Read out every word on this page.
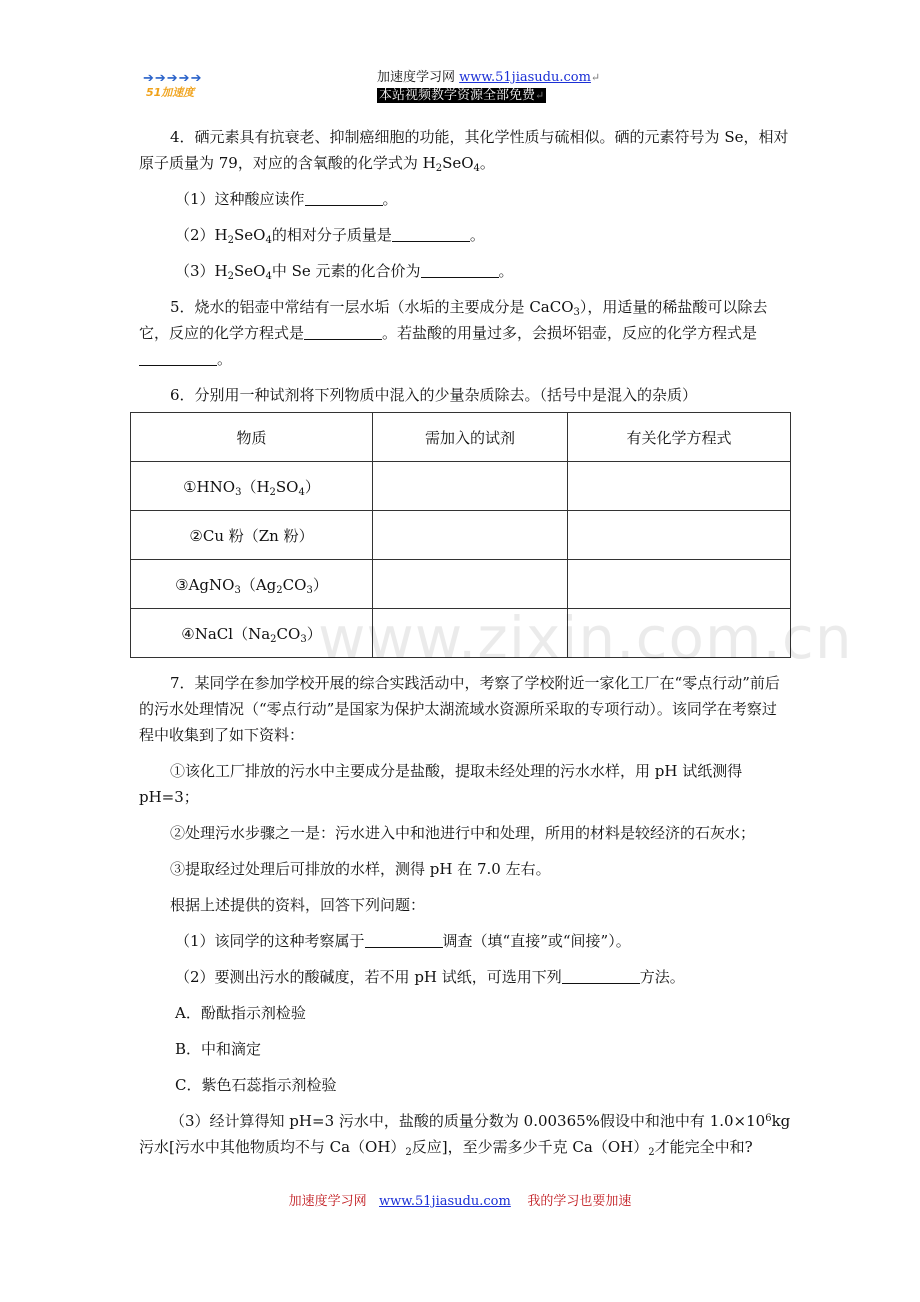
➔➔➔➔➔
51加速度
加速度学习网 www.51jiasudu.com↵
本站视频教学资源全部免费↵

4．硒元素具有抗衰老、抑制癌细胞的功能，其化学性质与硫相似。硒的元素符号为 Se，相对原子质量为 79，对应的含氧酸的化学式为 $H_2SeO_4$。

（1）这种酸应读作	。

$(2)H_2SeO_4$的相对分子质量是	。

$(3)H_2SeO_4$中 Se 元素的化合价为	。

5．烧水的铝壶中常结有一层水垢（水垢的主要成分是 CaCO$_3$），用适量的稀盐酸可以除去它，反应的化学方程式是	。若盐酸的用量过多，会损坏铝壶，反应的化学方程式是。

6．分别用一种试剂将下列物质中混入的少量杂质除去。（括号中是混入的杂质）

物质	需加入的试剂	有关化学方程式
$①HNO_3(H_2SO_4)$		
②Cu 粉（Zn 粉）		
$③AgNO_3(Ag_2CO_3)$		
$④NaCl(Na_2CO_3)$		
www.zixin.com.cn

7．某同学在参加学校开展的综合实践活动中，考察了学校附近一家化工厂在“零点行动”前后的污水处理情况（“零点行动”是国家为保护太湖流域水资源所采取的专项行动）。该同学在考察过程中收集到了如下资料：

①该化工厂排放的污水中主要成分是盐酸，提取未经处理的污水水样，用 pH 试纸测得 pH=3；

②处理污水步骤之一是：污水进入中和池进行中和处理，所用的材料是较经济的石灰水；

③提取经过处理后可排放的水样，测得 pH 在 7.0 左右。

根据上述提供的资料，回答下列问题：

（1）该同学的这种考察属于	调查（填“直接”或“间接”）。

（2）要测出污水的酸碱度，若不用 pH 试纸，可选用下列	方法。

A．酚酞指示剂检验

B．中和滴定

C．紫色石蕊指示剂检验

（3）经计算得知 pH=3 污水中，盐酸的质量分数为 0.00365%假设中和池中有 $1.0\times 10^6kg$ 污水[污水中其他物质均不与 $Ca(OH)_2$反应]，至少需多少千克 $Ca(OH)_2$才能完全中和?

加速度学习网 www.51jiasudu.com 我的学习也要加速
